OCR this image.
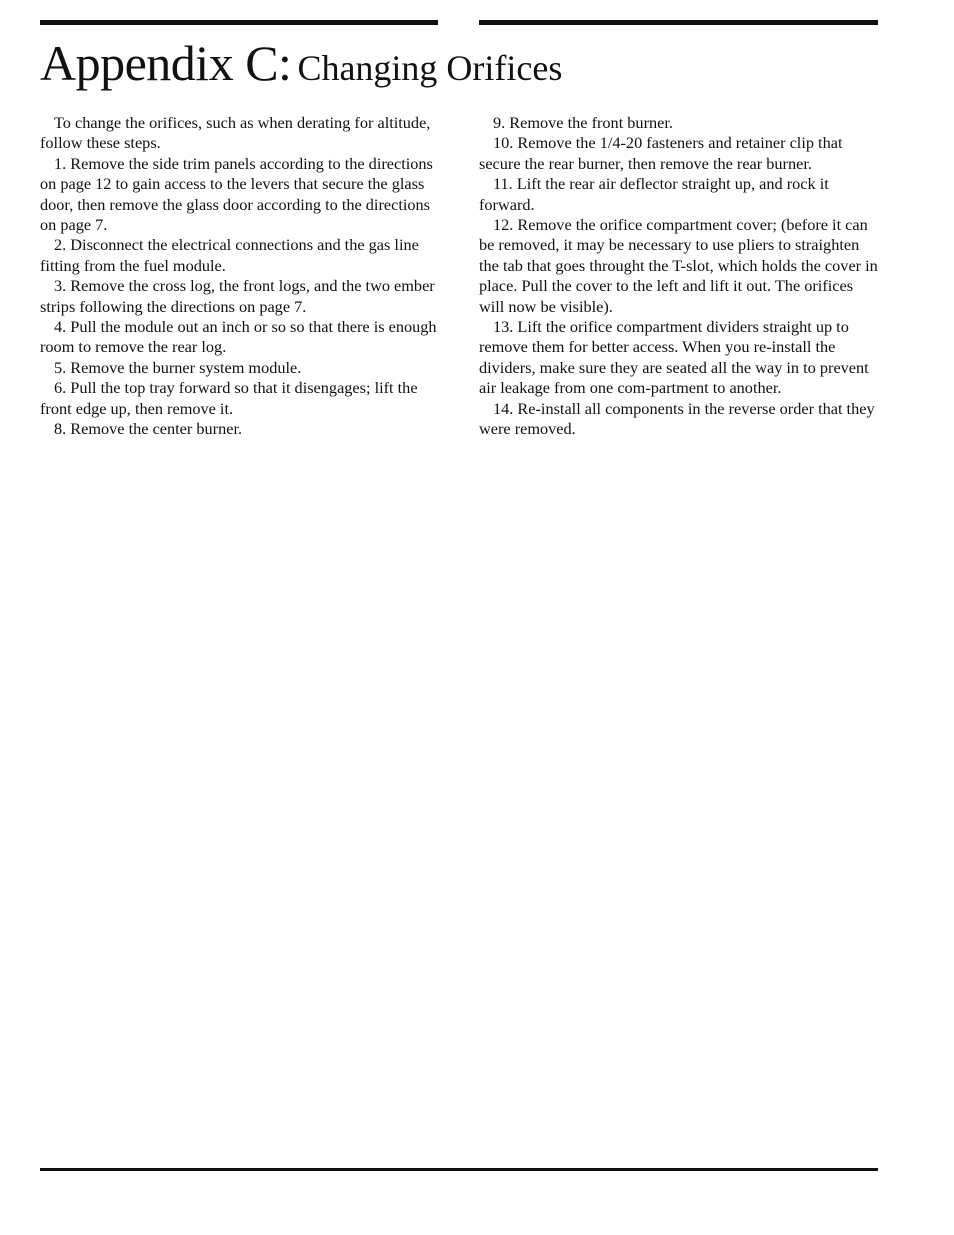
Appendix C: Changing Orifices

To change the orifices, such as when derating for altitude, follow these steps.

1. Remove the side trim panels according to the directions on page 12 to gain access to the levers that secure the glass door, then remove the glass door according to the directions on page 7.

2. Disconnect the electrical connections and the gas line fitting from the fuel module.

3. Remove the cross log, the front logs, and the two ember strips following the directions on page 7.

4. Pull the module out an inch or so so that there is enough room to remove the rear log.

5. Remove the burner system module.

6. Pull the top tray forward so that it disengages; lift the front edge up, then remove it.

8. Remove the center burner.

9. Remove the front burner.

10. Remove the 1/4-20 fasteners and retainer clip that secure the rear burner, then remove the rear burner.

11. Lift the rear air deflector straight up, and rock it forward.

12. Remove the orifice compartment cover; (before it can be removed, it may be necessary to use pliers to straighten the tab that goes throught the T-slot, which holds the cover in place. Pull the cover to the left and lift it out. The orifices will now be visible).

13. Lift the orifice compartment dividers straight up to remove them for better access. When you re-install the dividers, make sure they are seated all the way in to prevent air leakage from one com-partment to another.

14. Re-install all components in the reverse order that they were removed.
